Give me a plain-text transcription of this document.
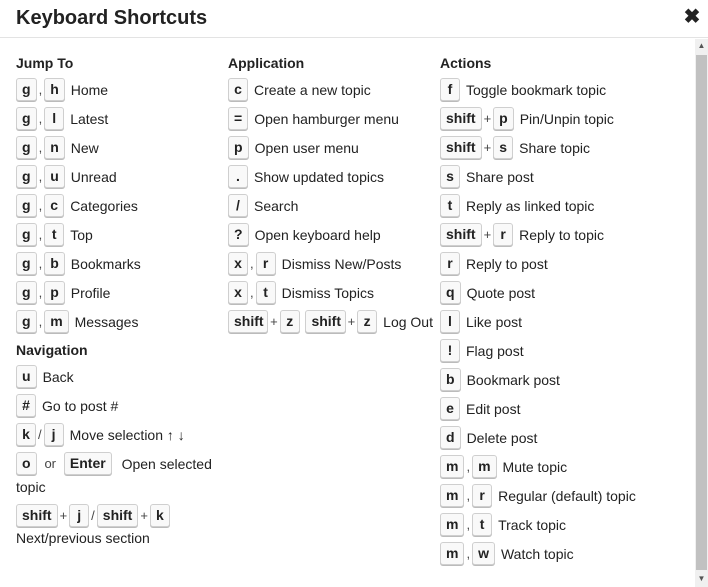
Keyboard Shortcuts	✖
▲
▼
Jump To
g , h Home
g , l	Latest
g , n New
g , u Unread
g , c Categories
g , t Top
g , b Bookmarks
g , p Profile
g , m Messages
Navigation
u Back
# Go to post #
k / j	Move selection ↑ ↓
o or Enter Open selected topic
shift + j / shift + k
Next/previous section
Application
c Create a new topic
= Open hamburger menu
p Open user menu
.	Show updated topics
/	Search
? Open keyboard help
x , r Dismiss New/Posts
x , t Dismiss Topics
shift + z	shift + z Log Out
Actions
f Toggle bookmark topic
shift + p Pin/Unpin topic
shift + s Share topic
s Share post
t Reply as linked topic
shift + r Reply to topic
r Reply to post
q Quote post
l	Like post
! Flag post
b Bookmark post
e Edit post
d Delete post
m , m Mute topic
m , r Regular (default) topic
m , t Track topic
m , w Watch topic
